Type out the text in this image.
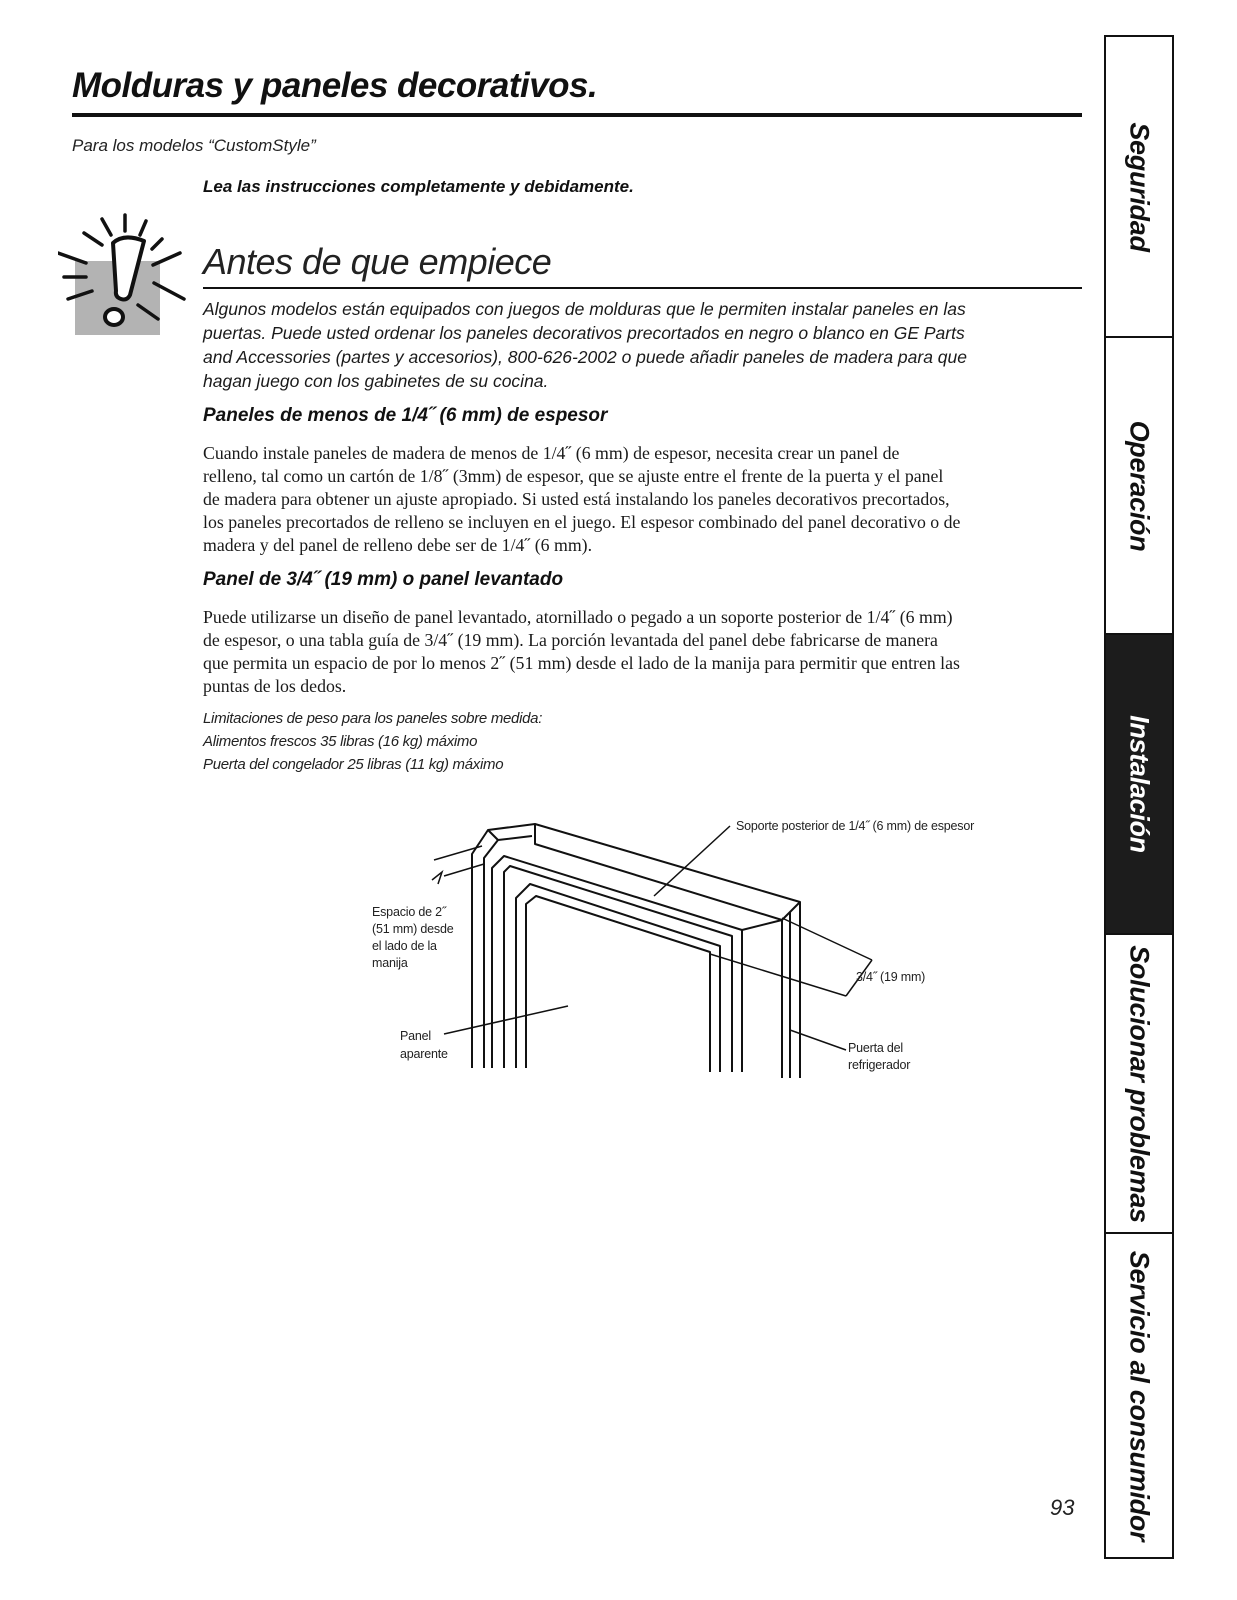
Molduras y paneles decorativos.
Para los modelos “CustomStyle”
Lea las instrucciones completamente y debidamente.
Antes de que empiece
Algunos modelos están equipados con juegos de molduras que le permiten instalar paneles en las
puertas. Puede usted ordenar los paneles decorativos precortados en negro o blanco en GE Parts
and Accessories (partes y accesorios), 800-626-2002 o puede añadir paneles de madera para que
hagan juego con los gabinetes de su cocina.
Paneles de menos de 1/4˝ (6 mm) de espesor
Cuando instale paneles de madera de menos de 1/4˝ (6 mm) de espesor, necesita crear un panel de
relleno, tal como un cartón de 1/8˝ (3mm) de espesor, que se ajuste entre el frente de la puerta y el panel
de madera para obtener un ajuste apropiado. Si usted está instalando los paneles decorativos precortados,
los paneles precortados de relleno se incluyen en el juego. El espesor combinado del panel decorativo o de
madera y del panel de relleno debe ser de 1/4˝ (6 mm).
Panel de 3/4˝ (19 mm) o panel levantado
Puede utilizarse un diseño de panel levantado, atornillado o pegado a un soporte posterior de 1/4˝ (6 mm)
de espesor, o una tabla guía de 3/4˝ (19 mm). La porción levantada del panel debe fabricarse de manera
que permita un espacio de por lo menos 2˝ (51 mm) desde el lado de la manija para permitir que entren las
puntas de los dedos.
Limitaciones de peso para los paneles sobre medida:
Alimentos frescos 35 libras (16 kg) máximo
Puerta del congelador 25 libras (11 kg) máximo
Soporte posterior de 1/4˝ (6 mm) de espesor
Espacio de 2˝
(51 mm) desde
el lado de la
manija
3/4˝ (19 mm)
Panel
aparente	Puerta del
refrigerador
93
Seguridad
Operación
Instalación
Solucionar problemas
Servicio al consumidor
